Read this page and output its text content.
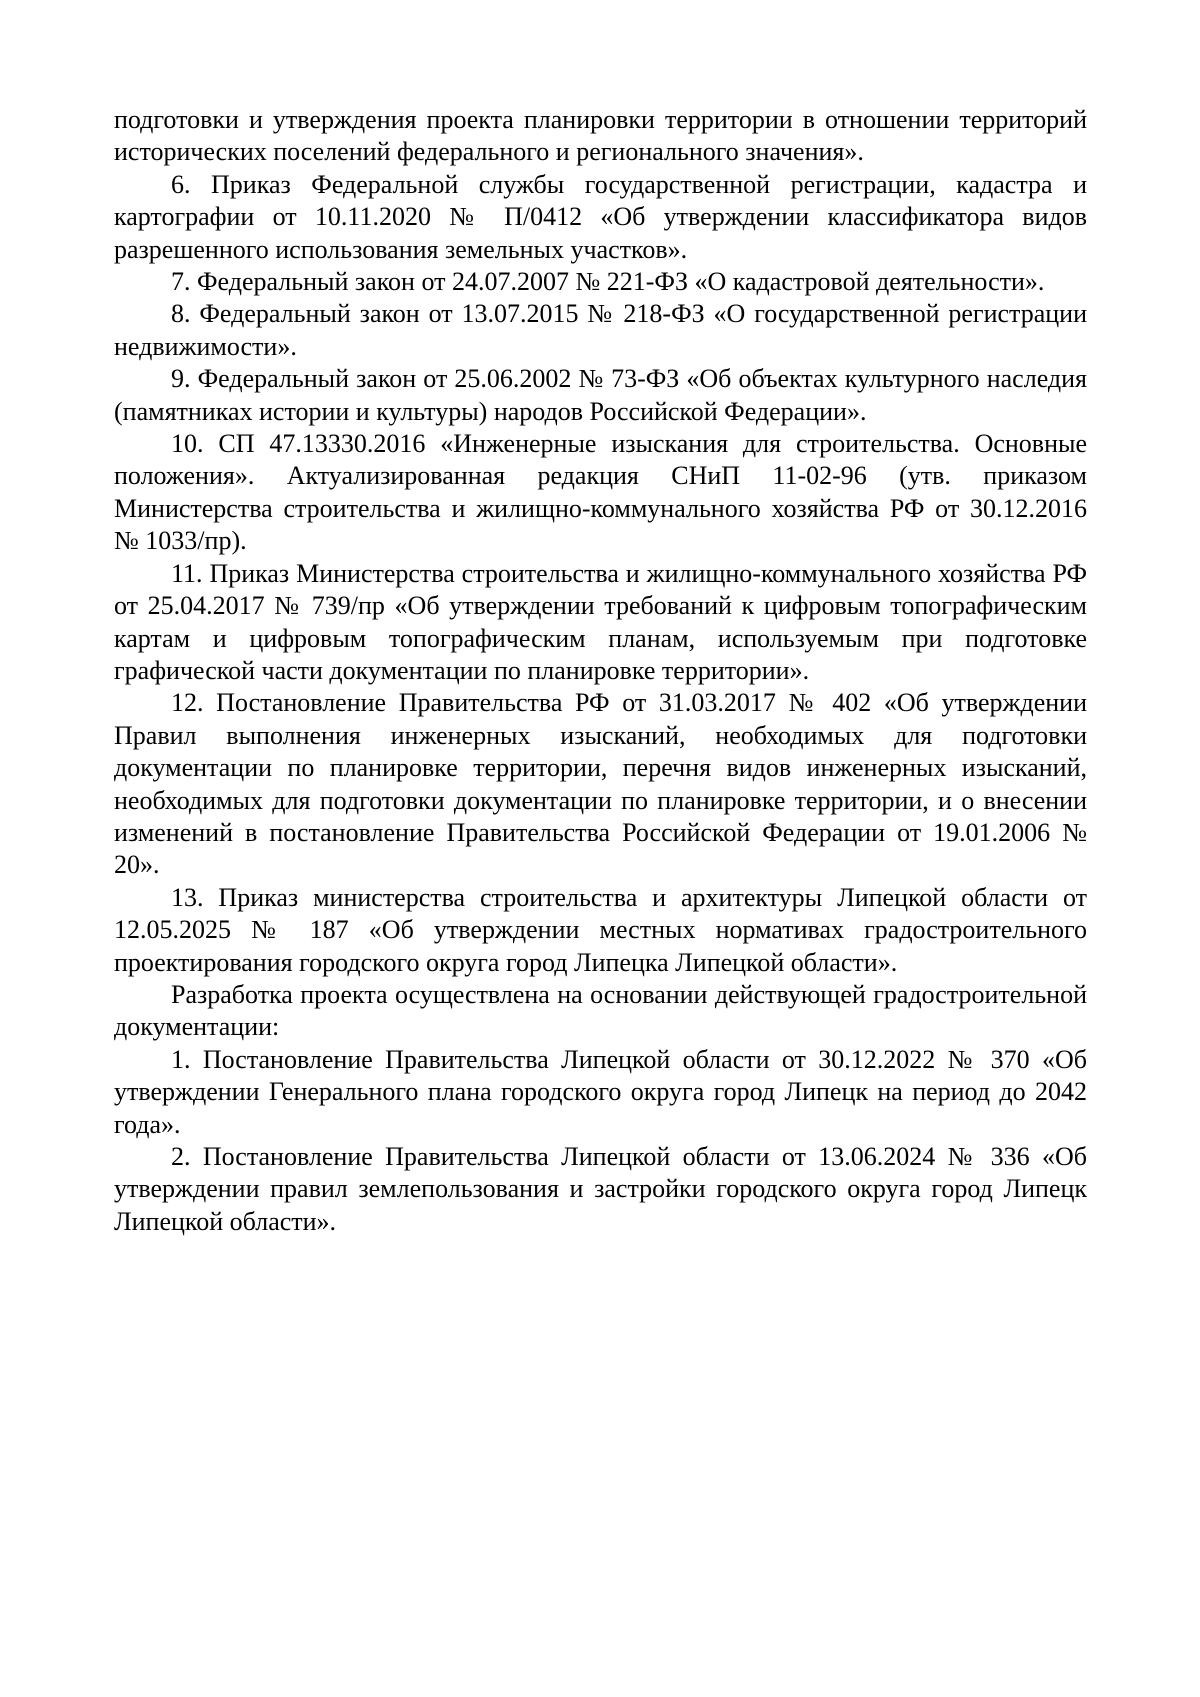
подготовки и утверждения проекта планировки территории в отношении территорий исторических поселений федерального и регионального значения».

6. Приказ Федеральной службы государственной регистрации, кадастра и картографии от 10.11.2020 № П/0412 «Об утверждении классификатора видов разрешенного использования земельных участков».

7. Федеральный закон от 24.07.2007 № 221-ФЗ «О кадастровой деятельности».

8. Федеральный закон от 13.07.2015 № 218-ФЗ «О государственной регистрации недвижимости».

9. Федеральный закон от 25.06.2002 № 73-ФЗ «Об объектах культурного наследия (памятниках истории и культуры) народов Российской Федерации».

10. СП 47.13330.2016 «Инженерные изыскания для строительства. Основные положения». Актуализированная редакция СНиП 11-02-96 (утв. приказом Министерства строительства и жилищно-коммунального хозяйства РФ от 30.12.2016 № 1033/пр).

11. Приказ Министерства строительства и жилищно-коммунального хозяйства РФ от 25.04.2017 № 739/пр «Об утверждении требований к цифровым топографическим картам и цифровым топографическим планам, используемым при подготовке графической части документации по планировке территории».

12. Постановление Правительства РФ от 31.03.2017 № 402 «Об утверждении Правил выполнения инженерных изысканий, необходимых для подготовки документации по планировке территории, перечня видов инженерных изысканий, необходимых для подготовки документации по планировке территории, и о внесении изменений в постановление Правительства Российской Федерации от 19.01.2006 № 20».

13. Приказ министерства строительства и архитектуры Липецкой области от 12.05.2025 № 187 «Об утверждении местных нормативах градостроительного проектирования городского округа город Липецка Липецкой области».

Разработка проекта осуществлена на основании действующей градостроительной документации:

1. Постановление Правительства Липецкой области от 30.12.2022 № 370 «Об утверждении Генерального плана городского округа город Липецк на период до 2042 года».

2. Постановление Правительства Липецкой области от 13.06.2024 № 336 «Об утверждении правил землепользования и застройки городского округа город Липецк Липецкой области».
